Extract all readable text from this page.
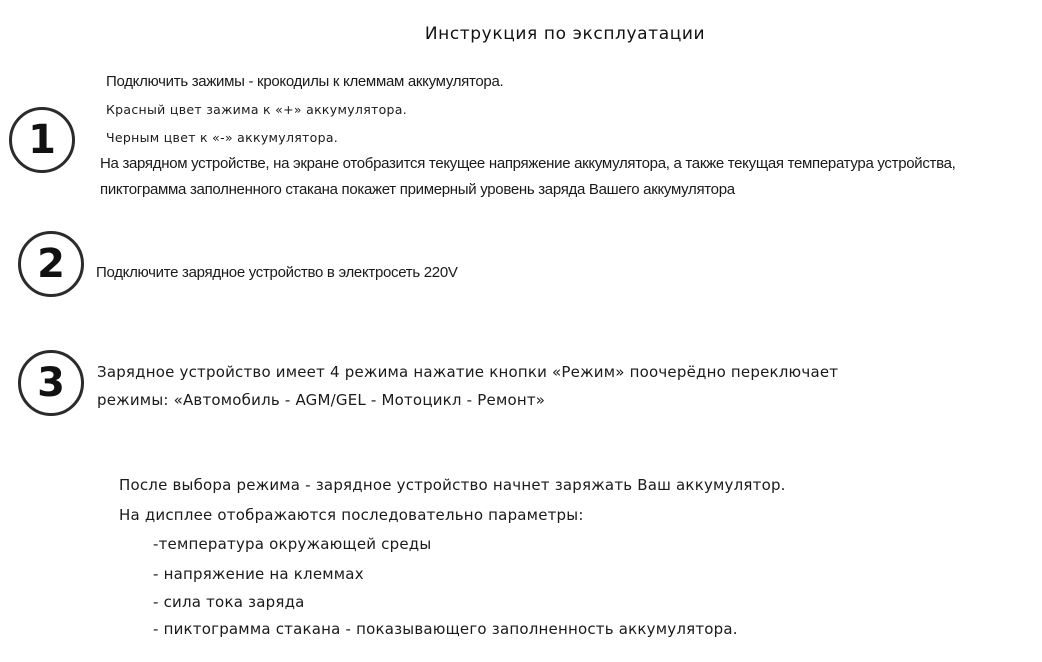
Инструкция по эксплуатации
1
Подключить зажимы - крокодилы к клеммам аккумулятора.
Красный цвет зажима к «+» аккумулятора.
Черным цвет к «-» аккумулятора.
На зарядном устройстве, на экране отобразится текущее напряжение аккумулятора, а также текущая температура устройства,
пиктограмма заполненного стакана покажет примерный уровень заряда Вашего аккумулятора
2	Подключите зарядное устройство в электросеть 220V
3	Зарядное устройство имеет 4 режима нажатие кнопки «Режим» поочерёдно переключает
режимы: «Автомобиль - AGM/GEL - Мотоцикл - Ремонт»
После выбора режима - зарядное устройство начнет заряжать Ваш аккумулятор.
На дисплее отображаются последовательно параметры:
-температура окружающей среды
- напряжение на клеммах
- сила тока заряда
- пиктограмма стакана - показывающего заполненность аккумулятора.
